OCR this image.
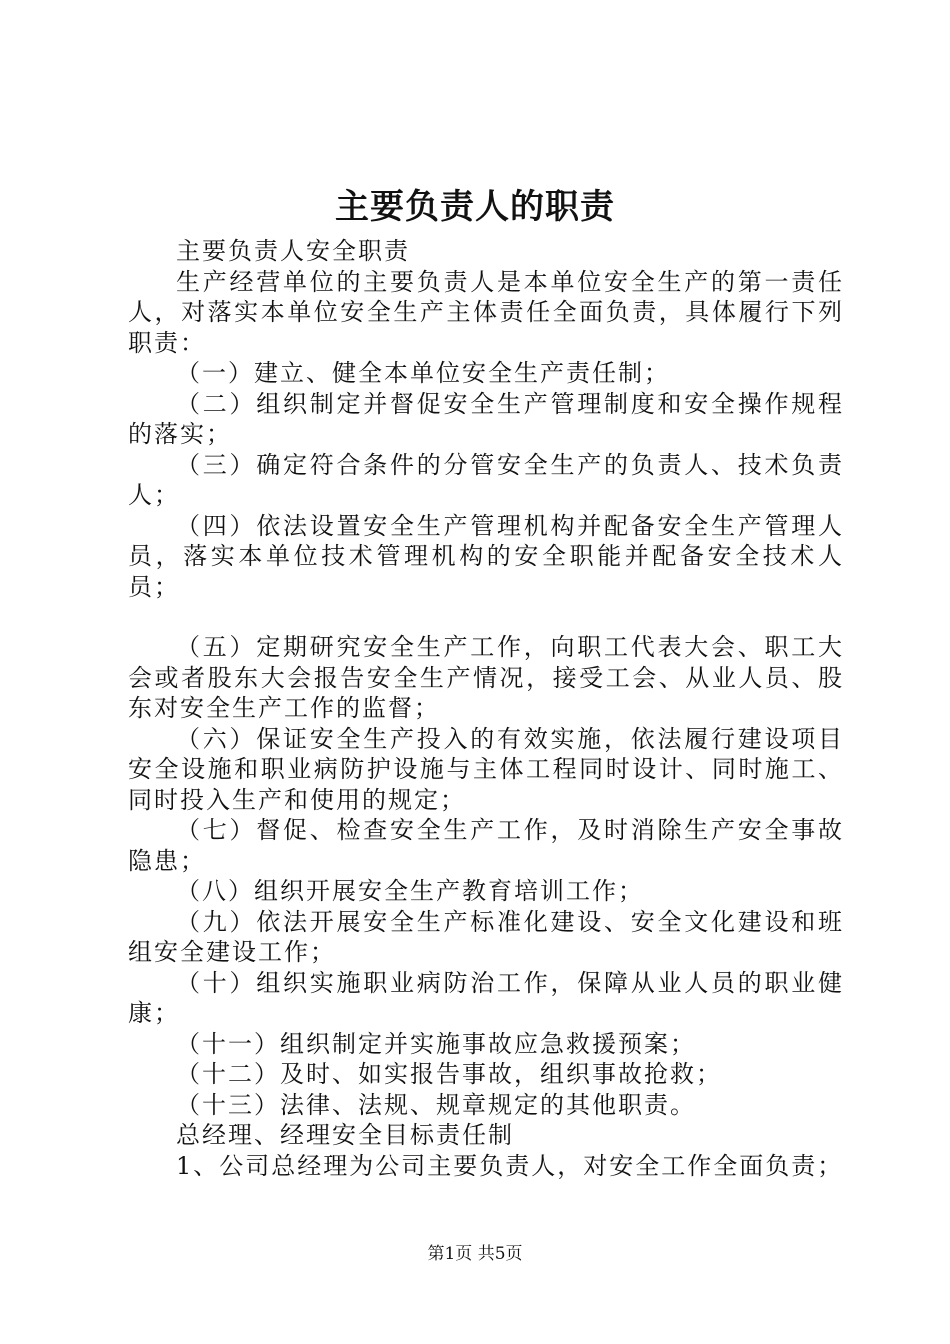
主要负责人的职责

主要负责人安全职责

生产经营单位的主要负责人是本单位安全生产的第一责任人，对落实本单位安全生产主体责任全面负责，具体履行下列职责：

（一）建立、健全本单位安全生产责任制；

（二）组织制定并督促安全生产管理制度和安全操作规程的落实；

（三）确定符合条件的分管安全生产的负责人、技术负责人；

（四）依法设置安全生产管理机构并配备安全生产管理人员，落实本单位技术管理机构的安全职能并配备安全技术人员；

（五）定期研究安全生产工作，向职工代表大会、职工大会或者股东大会报告安全生产情况，接受工会、从业人员、股东对安全生产工作的监督；

（六）保证安全生产投入的有效实施，依法履行建设项目安全设施和职业病防护设施与主体工程同时设计、同时施工、同时投入生产和使用的规定；

（七）督促、检查安全生产工作，及时消除生产安全事故隐患；

（八）组织开展安全生产教育培训工作；

（九）依法开展安全生产标准化建设、安全文化建设和班组安全建设工作；

（十）组织实施职业病防治工作，保障从业人员的职业健康；

（十一）组织制定并实施事故应急救援预案；

（十二）及时、如实报告事故，组织事故抢救；

（十三）法律、法规、规章规定的其他职责。

总经理、经理安全目标责任制

1、公司总经理为公司主要负责人，对安全工作全面负责；

第1页 共5页
